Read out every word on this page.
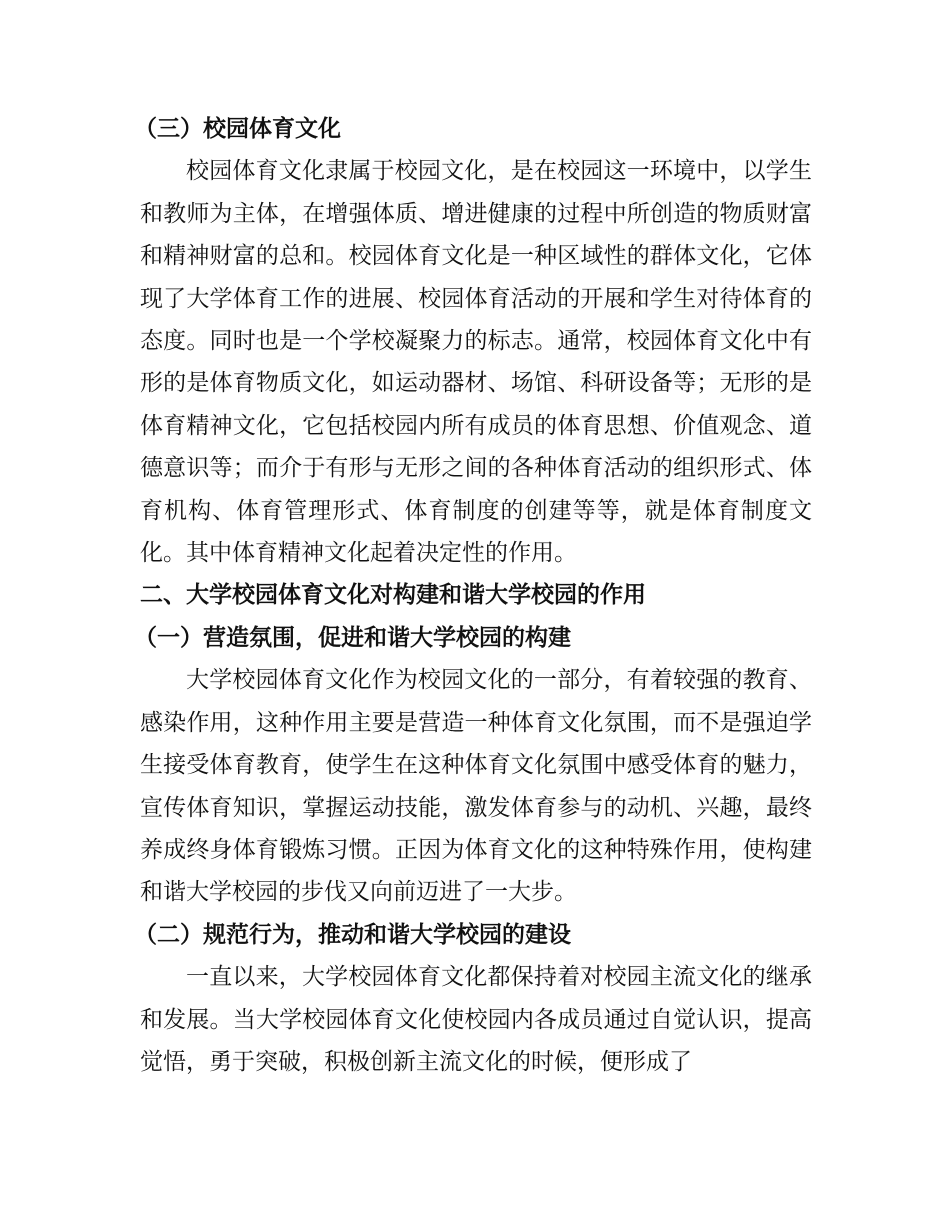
（三）校园体育文化

校园体育文化隶属于校园文化，是在校园这一环境中，以学生和教师为主体，在增强体质、增进健康的过程中所创造的物质财富和精神财富的总和。校园体育文化是一种区域性的群体文化，它体现了大学体育工作的进展、校园体育活动的开展和学生对待体育的态度。同时也是一个学校凝聚力的标志。通常，校园体育文化中有形的是体育物质文化，如运动器材、场馆、科研设备等；无形的是体育精神文化，它包括校园内所有成员的体育思想、价值观念、道德意识等；而介于有形与无形之间的各种体育活动的组织形式、体育机构、体育管理形式、体育制度的创建等等，就是体育制度文化。其中体育精神文化起着决定性的作用。

二、大学校园体育文化对构建和谐大学校园的作用

（一）营造氛围，促进和谐大学校园的构建

大学校园体育文化作为校园文化的一部分，有着较强的教育、感染作用，这种作用主要是营造一种体育文化氛围，而不是强迫学生接受体育教育，使学生在这种体育文化氛围中感受体育的魅力，宣传体育知识，掌握运动技能，激发体育参与的动机、兴趣，最终养成终身体育锻炼习惯。正因为体育文化的这种特殊作用，使构建和谐大学校园的步伐又向前迈进了一大步。

（二）规范行为，推动和谐大学校园的建设

一直以来，大学校园体育文化都保持着对校园主流文化的继承和发展。当大学校园体育文化使校园内各成员通过自觉认识，提高觉悟，勇于突破，积极创新主流文化的时候，便形成了
